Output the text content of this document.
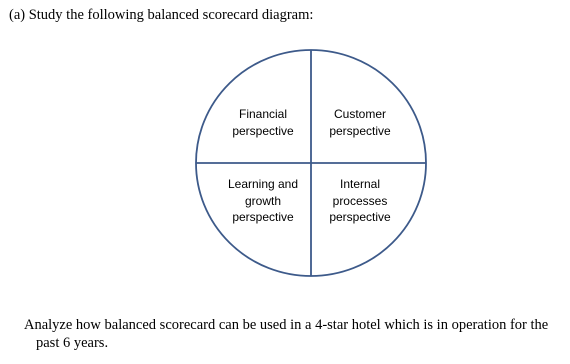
(a) Study the following balanced scorecard diagram:
Financial
perspective
Customer
perspective
Learning and
growth
perspective
Internal
processes
perspective
Analyze how balanced scorecard can be used in a 4-star hotel which is in operation for the
past 6 years.
